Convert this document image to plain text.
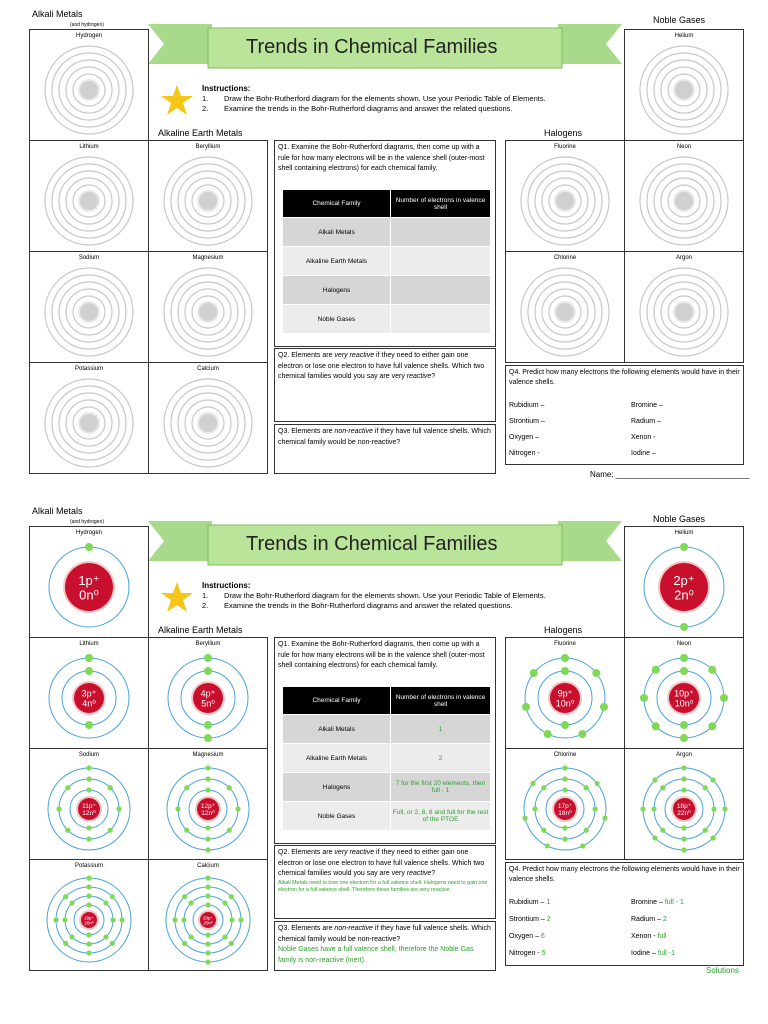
Alkali Metals
(and hydrogen)	Noble Gases
Trends in Chemical Families
Instructions:
1. Draw the Bohr-Rutherford diagram for the elements shown. Use your Periodic Table of Elements.
2. Examine the trends in the Bohr-Rutherford diagrams and answer the related questions.
Alkaline Earth Metals	Halogens
Hydrogen	Helium
Lithium	Beryllium
Sodium	Magnesium
Potassium	Calcium
Fluorine	Neon
Chlorine	Argon
Q1. Examine the Bohr-Rutherford diagrams, then come up with a rule for how many electrons will be in the valence shell (outer-most shell containing electrons) for each chemical family.
Chemical Family	Number of electrons in valence shell
Alkali Metals	
Alkaline Earth Metals	
Halogens	
Noble Gases	
Q2. Elements are very reactive if they need to either gain one electron or lose one electron to have full valence shells. Which two chemical families would you say are very reactive?
Q3. Elements are non-reactive if they have full valence shells. Which chemical family would be non-reactive?
Q4. Predict how many electrons the following elements would have in their valence shells.
Rubidium –
Strontium –
Oxygen –
Nitrogen -
Bromine –
Radium –
Xenon -
Iodine –
Name: ______________________________
Alkali Metals
(and hydrogen)	Noble Gases
Trends in Chemical Families
Instructions:
1. Draw the Bohr-Rutherford diagram for the elements shown. Use your Periodic Table of Elements.
2. Examine the trends in the Bohr-Rutherford diagrams and answer the related questions.
Alkaline Earth Metals	Halogens
Hydrogen
1p⁺
0n⁰
Helium
2p⁺
2n⁰
Lithium
3p⁺
4n⁰
Beryllium
4p⁺
5n⁰
Sodium
11p⁺
12n⁰
Magnesium
12p⁺
12n⁰
Potassium
19p⁺
20n⁰
Calcium
20p⁺
20n⁰
Fluorine
9p⁺
10n⁰
Neon
10p⁺
10n⁰
Chlorine
17p⁺
18n⁰
Argon
18p⁺
22n⁰
Q1. Examine the Bohr-Rutherford diagrams, then come up with a rule for how many electrons will be in the valence shell (outer-most shell containing electrons) for each chemical family.
Chemical Family	Number of electrons in valence shell
Alkali Metals	1
Alkaline Earth Metals	2
Halogens	7 for the first 20 elements, then full - 1
Noble Gases	Full, or 2, 8, 8 and full for the rest of the PTOE
Q2. Elements are very reactive if they need to either gain one electron or lose one electron to have full valence shells. Which two chemical families would you say are very reactive?
Alkali Metals need to lose one electron for a full valence shell. Halogens need to gain one electron for a full valence shell. Therefore these families are very reactive.
Q3. Elements are non-reactive if they have full valence shells. Which chemical family would be non-reactive?
Noble Gases have a full valence shell, therefore the Noble Gas family is non-reactive (inert).
Q4. Predict how many electrons the following elements would have in their valence shells.
Rubidium – 1
Strontium – 2
Oxygen – 6
Nitrogen - 5
Bromine – full - 1
Radium – 2
Xenon - full
Iodine – full -1
Solutions
